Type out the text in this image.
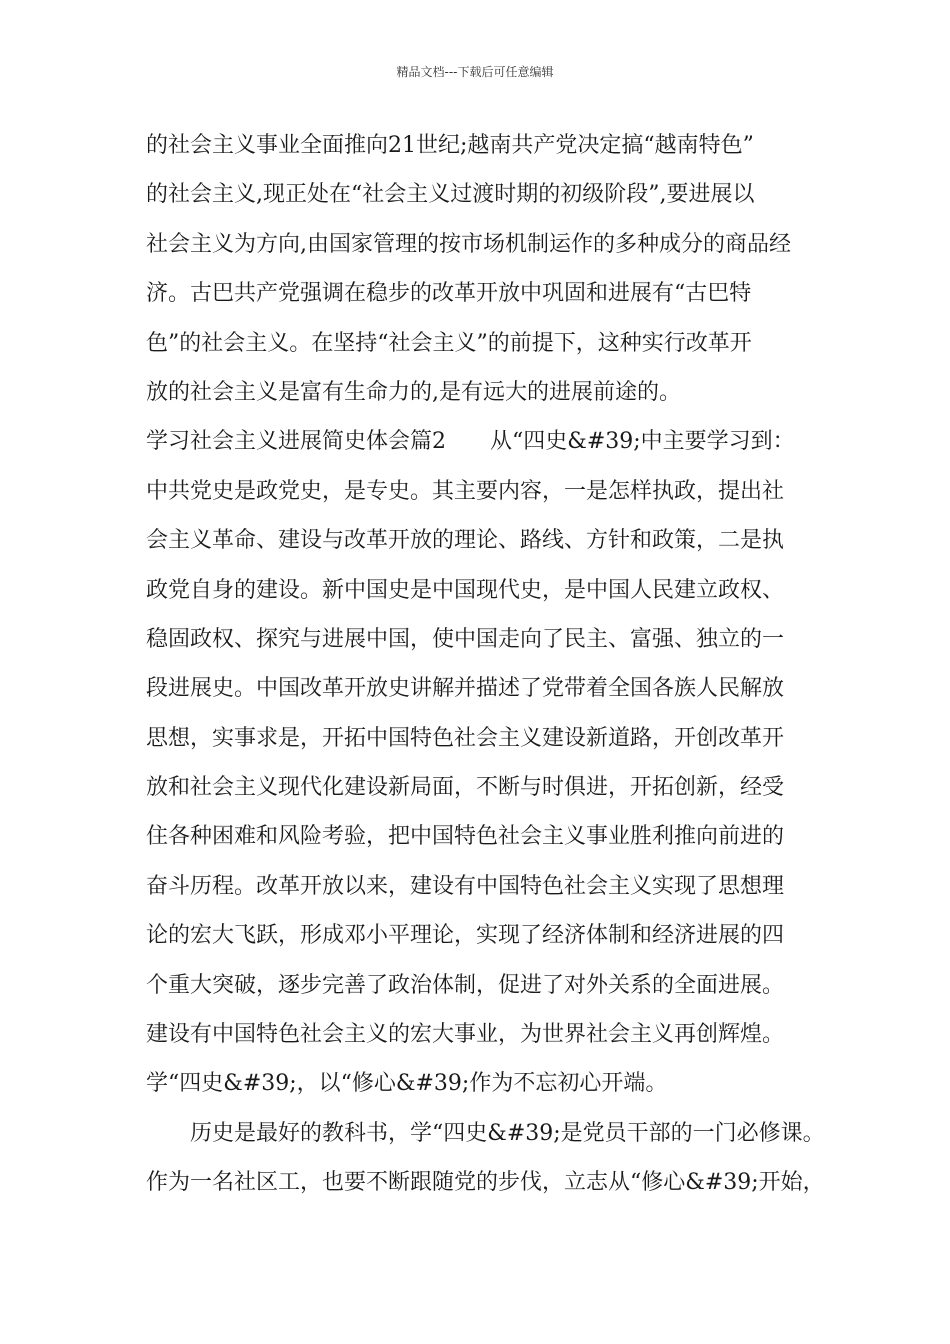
精品文档---下载后可任意编辑
的社会主义事业全面推向21世纪;越南共产党决定搞“越南特色”
的社会主义,现正处在“社会主义过渡时期的初级阶段”,要进展以
社会主义为方向,由国家管理的按市场机制运作的多种成分的商品经
济。古巴共产党强调在稳步的改革开放中巩固和进展有“古巴特
色”的社会主义。在坚持“社会主义”的前提下，这种实行改革开
放的社会主义是富有生命力的,是有远大的进展前途的。
学习社会主义进展简史体会篇2 从“四史&#39;中主要学习到：
中共党史是政党史，是专史。其主要内容，一是怎样执政，提出社
会主义革命、建设与改革开放的理论、路线、方针和政策，二是执
政党自身的建设。新中国史是中国现代史，是中国人民建立政权、
稳固政权、探究与进展中国，使中国走向了民主、富强、独立的一
段进展史。中国改革开放史讲解并描述了党带着全国各族人民解放
思想，实事求是，开拓中国特色社会主义建设新道路，开创改革开
放和社会主义现代化建设新局面，不断与时俱进，开拓创新，经受
住各种困难和风险考验，把中国特色社会主义事业胜利推向前进的
奋斗历程。改革开放以来，建设有中国特色社会主义实现了思想理
论的宏大飞跃，形成邓小平理论，实现了经济体制和经济进展的四
个重大突破，逐步完善了政治体制，促进了对外关系的全面进展。
建设有中国特色社会主义的宏大事业，为世界社会主义再创辉煌。
学“四史&#39;，以“修心&#39;作为不忘初心开端。
历史是最好的教科书，学“四史&#39;是党员干部的一门必修课。
作为一名社区工，也要不断跟随党的步伐，立志从“修心&#39;开始，
